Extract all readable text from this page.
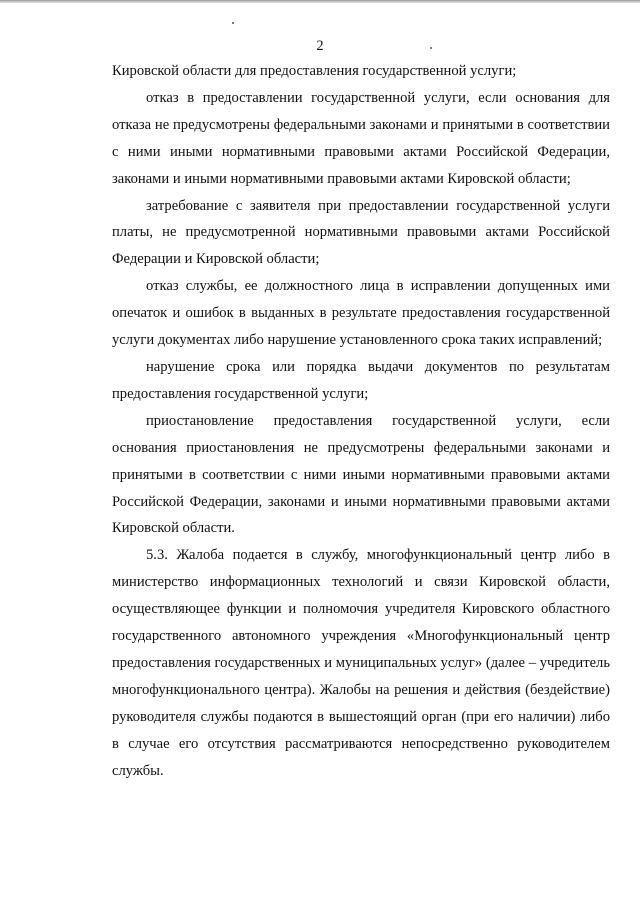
2

Кировской области для предоставления государственной услуги;

отказ в предоставлении государственной услуги, если основания для отказа не предусмотрены федеральными законами и принятыми в соответствии с ними иными нормативными правовыми актами Российской Федерации, законами и иными нормативными правовыми актами Кировской области;

затребование с заявителя при предоставлении государственной услуги платы, не предусмотренной нормативными правовыми актами Российской Федерации и Кировской области;

отказ службы, ее должностного лица в исправлении допущенных ими опечаток и ошибок в выданных в результате предоставления государственной услуги документах либо нарушение установленного срока таких исправлений;

нарушение срока или порядка выдачи документов по результатам предоставления государственной услуги;

приостановление предоставления государственной услуги, если основания приостановления не предусмотрены федеральными законами и принятыми в соответствии с ними иными нормативными правовыми актами Российской Федерации, законами и иными нормативными правовыми актами Кировской области.

5.3. Жалоба подается в службу, многофункциональный центр либо в министерство информационных технологий и связи Кировской области, осуществляющее функции и полномочия учредителя Кировского областного государственного автономного учреждения «Многофункциональный центр предоставления государственных и муниципальных услуг» (далее – учредитель многофункционального центра). Жалобы на решения и действия (бездействие) руководителя службы подаются в вышестоящий орган (при его наличии) либо в случае его отсутствия рассматриваются непосредственно руководителем службы.
